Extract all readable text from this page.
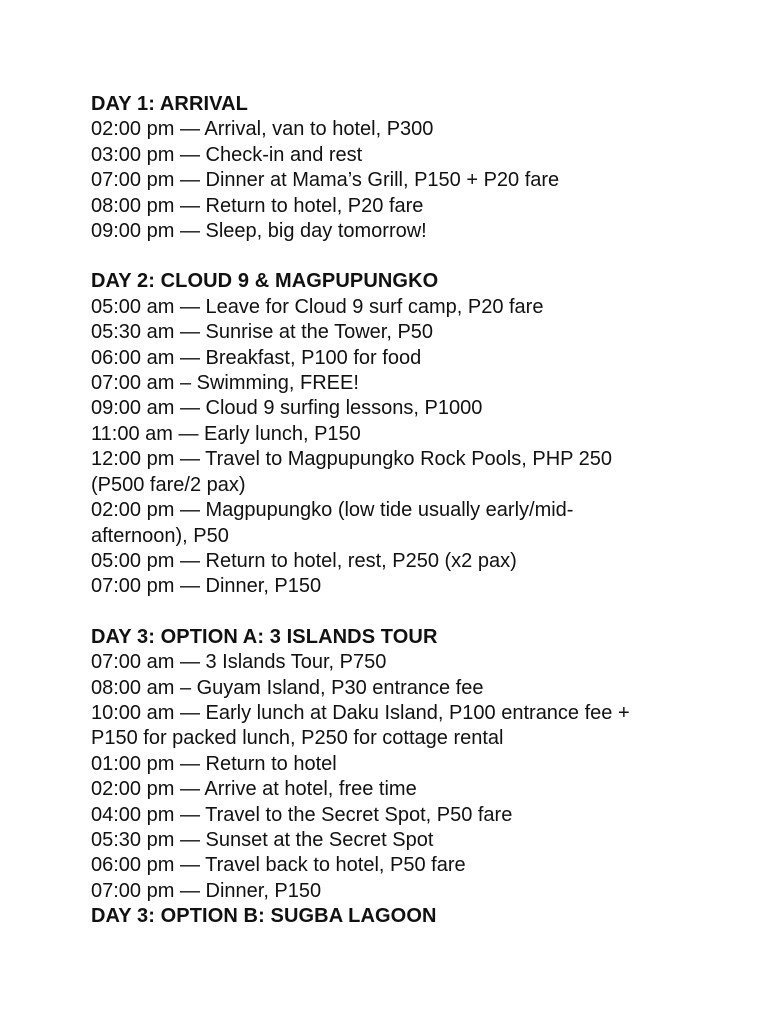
DAY 1: ARRIVAL

02:00 pm — Arrival, van to hotel, P300

03:00 pm — Check-in and rest

07:00 pm — Dinner at Mama’s Grill, P150 + P20 fare

08:00 pm — Return to hotel, P20 fare

09:00 pm — Sleep, big day tomorrow!

DAY 2: CLOUD 9 & MAGPUPUNGKO

05:00 am — Leave for Cloud 9 surf camp, P20 fare

05:30 am — Sunrise at the Tower, P50

06:00 am — Breakfast, P100 for food

07:00 am – Swimming, FREE!

09:00 am — Cloud 9 surfing lessons, P1000

11:00 am — Early lunch, P150

12:00 pm — Travel to Magpupungko Rock Pools, PHP 250

(P500 fare/2 pax)

02:00 pm — Magpupungko (low tide usually early/mid-

afternoon), P50

05:00 pm — Return to hotel, rest, P250 (x2 pax)

07:00 pm — Dinner, P150

DAY 3: OPTION A: 3 ISLANDS TOUR

07:00 am — 3 Islands Tour, P750

08:00 am – Guyam Island, P30 entrance fee

10:00 am — Early lunch at Daku Island, P100 entrance fee +

P150 for packed lunch, P250 for cottage rental

01:00 pm — Return to hotel

02:00 pm — Arrive at hotel, free time

04:00 pm — Travel to the Secret Spot, P50 fare

05:30 pm — Sunset at the Secret Spot

06:00 pm — Travel back to hotel, P50 fare

07:00 pm — Dinner, P150

DAY 3: OPTION B: SUGBA LAGOON
